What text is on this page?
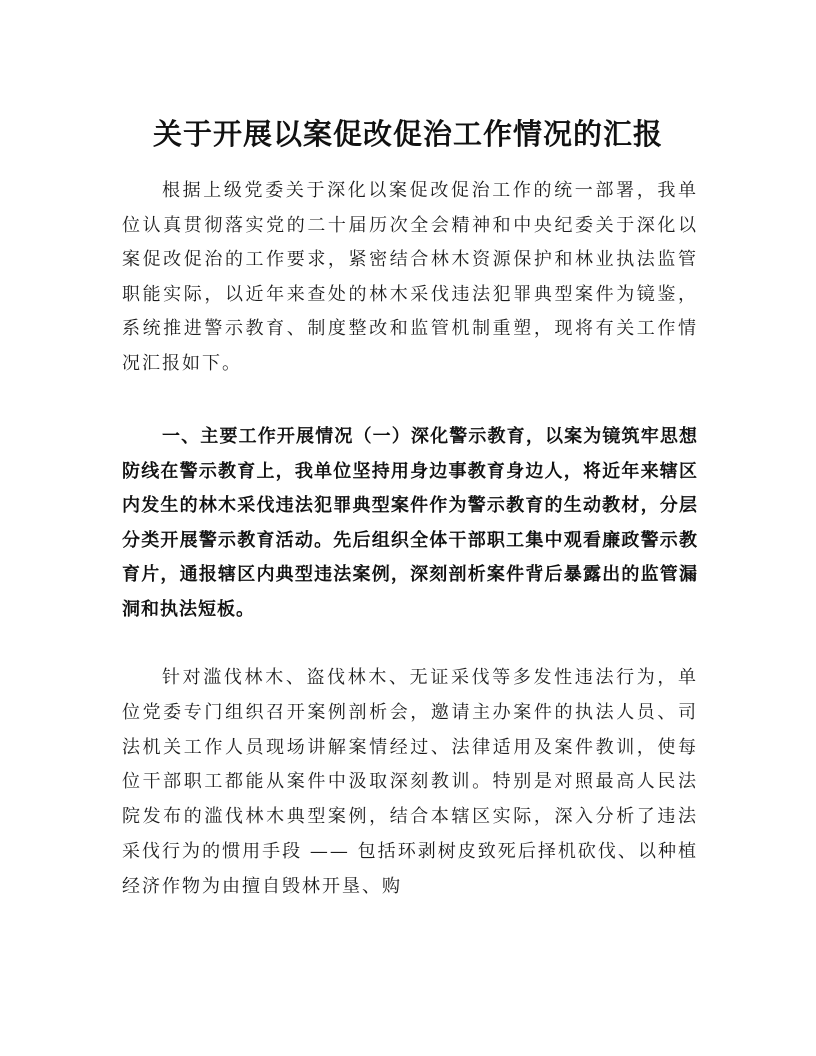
关于开展以案促改促治工作情况的汇报

根据上级党委关于深化以案促改促治工作的统一部署，我单位认真贯彻落实党的二十届历次全会精神和中央纪委关于深化以案促改促治的工作要求，紧密结合林木资源保护和林业执法监管职能实际，以近年来查处的林木采伐违法犯罪典型案件为镜鉴，系统推进警示教育、制度整改和监管机制重塑，现将有关工作情况汇报如下。

一、主要工作开展情况（一）深化警示教育，以案为镜筑牢思想防线在警示教育上，我单位坚持用身边事教育身边人，将近年来辖区内发生的林木采伐违法犯罪典型案件作为警示教育的生动教材，分层分类开展警示教育活动。先后组织全体干部职工集中观看廉政警示教育片，通报辖区内典型违法案例，深刻剖析案件背后暴露出的监管漏洞和执法短板。

针对滥伐林木、盗伐林木、无证采伐等多发性违法行为，单位党委专门组织召开案例剖析会，邀请主办案件的执法人员、司法机关工作人员现场讲解案情经过、法律适用及案件教训，使每位干部职工都能从案件中汲取深刻教训。特别是对照最高人民法院发布的滥伐林木典型案例，结合本辖区实际，深入分析了违法采伐行为的惯用手段 —— 包括环剥树皮致死后择机砍伐、以种植经济作物为由擅自毁林开垦、购
